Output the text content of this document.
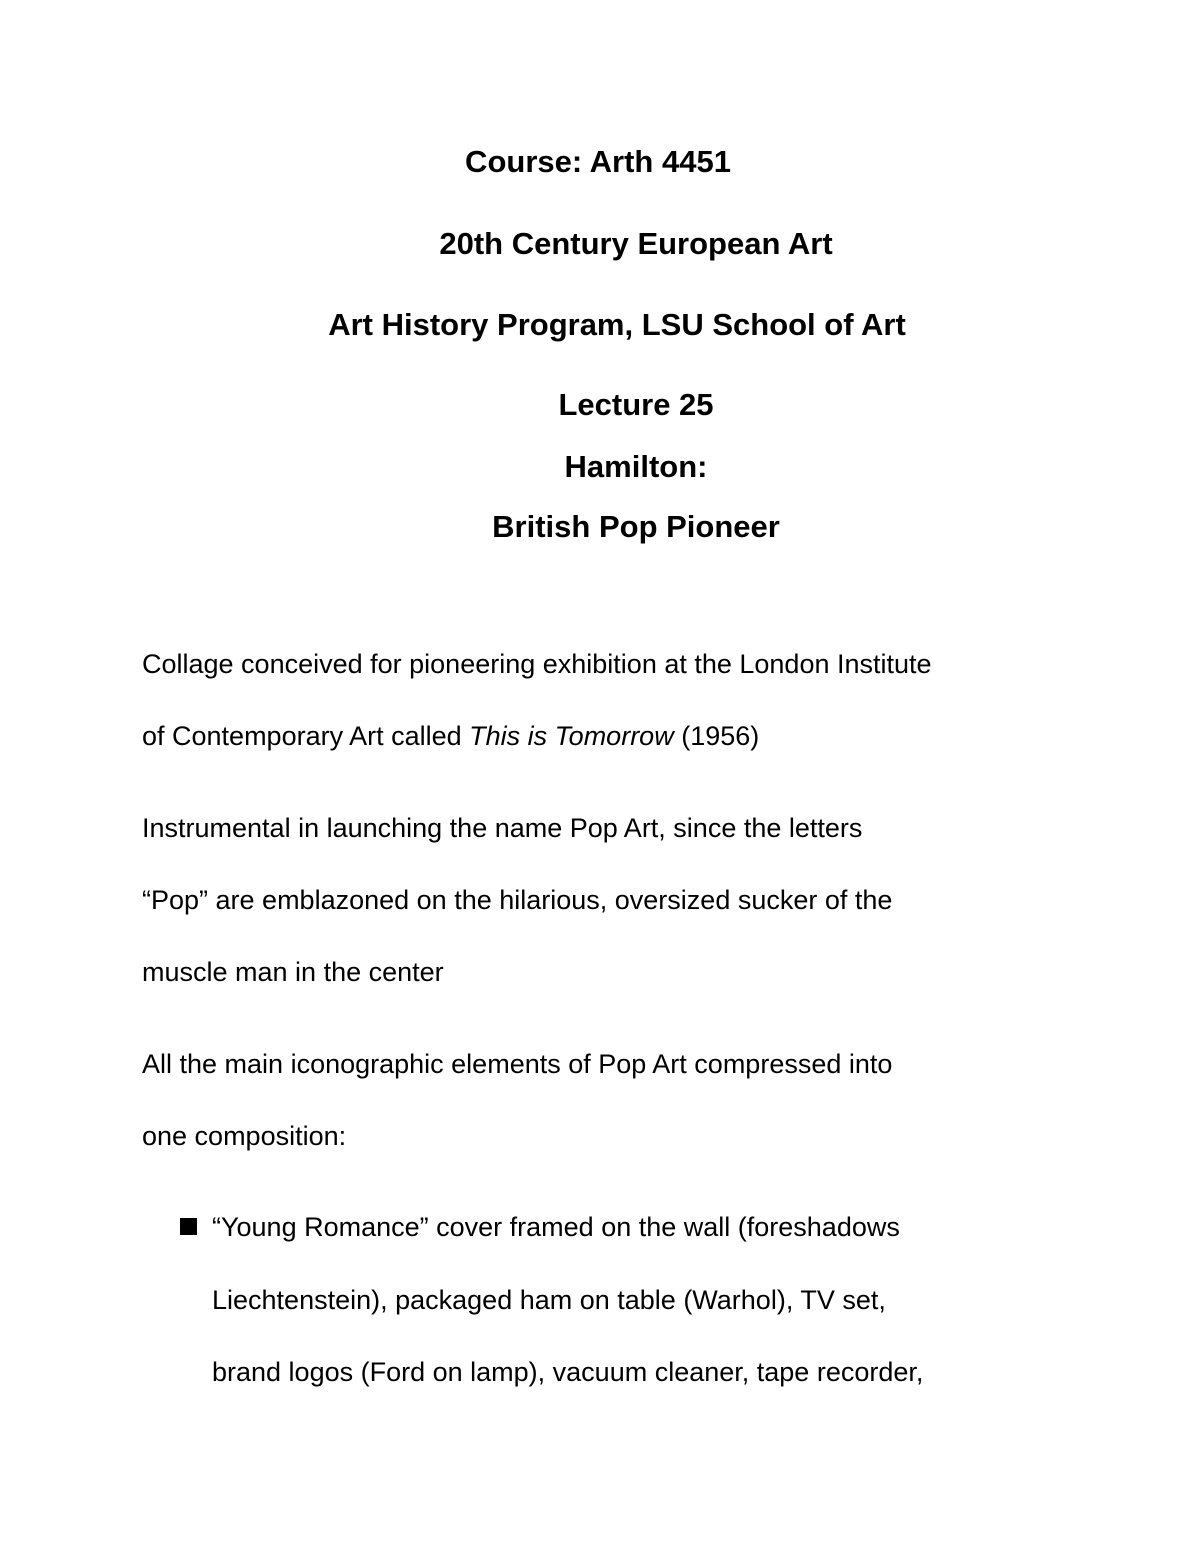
Course: Arth 4451
20th Century European Art
Art History Program, LSU School of Art
Lecture 25
Hamilton:
British Pop Pioneer
Collage conceived for pioneering exhibition at the London Institute
of Contemporary Art called This is Tomorrow (1956)
Instrumental in launching the name Pop Art, since the letters
“Pop” are emblazoned on the hilarious, oversized sucker of the
muscle man in the center
All the main iconographic elements of Pop Art compressed into
one composition:
“Young Romance” cover framed on the wall (foreshadows
Liechtenstein), packaged ham on table (Warhol), TV set,
brand logos (Ford on lamp), vacuum cleaner, tape recorder,
